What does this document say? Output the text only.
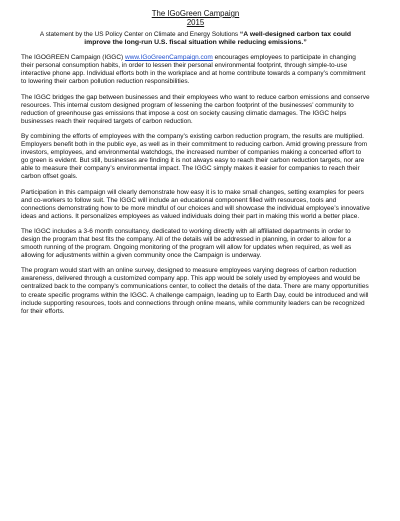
The IGoGreen Campaign
2015
A statement by the US Policy Center on Climate and Energy Solutions “A well-designed carbon tax could improve the long-run U.S. fiscal situation while reducing emissions.”

The IGOGREEN Campaign (IGGC) www.IGoGreenCampaign.com encourages employees to participate in changing their personal consumption habits, in order to lessen their personal environmental footprint, through simple-to-use interactive phone app. Individual efforts both in the workplace and at home contribute towards a company’s commitment to lowering their carbon pollution reduction responsibilities.

The IGGC bridges the gap between businesses and their employees who want to reduce carbon emissions and conserve resources. This internal custom designed program of lessening the carbon footprint of the businesses’ community to reduction of greenhouse gas emissions that impose a cost on society causing climatic damages. The IGGC helps businesses reach their required targets of carbon reduction.

By combining the efforts of employees with the company’s existing carbon reduction program, the results are multiplied. Employers benefit both in the public eye, as well as in their commitment to reducing carbon. Amid growing pressure from investors, employees, and environmental watchdogs, the increased number of companies making a concerted effort to go green is evident. But still, businesses are finding it is not always easy to reach their carbon reduction targets, nor are able to measure their company’s environmental impact. The IGGC simply makes it easier for companies to reach their carbon offset goals.

Participation in this campaign will clearly demonstrate how easy it is to make small changes, setting examples for peers and co-workers to follow suit. The IGGC will include an educational component filled with resources, tools and connections demonstrating how to be more mindful of our choices and will showcase the individual employee’s innovative ideas and actions. It personalizes employees as valued individuals doing their part in making this world a better place.

The IGGC includes a 3-6 month consultancy, dedicated to working directly with all affiliated departments in order to design the program that best fits the company. All of the details will be addressed in planning, in order to allow for a smooth running of the program. Ongoing monitoring of the program will allow for updates when required, as well as allowing for adjustments within a given community once the Campaign is underway.

The program would start with an online survey, designed to measure employees varying degrees of carbon reduction awareness, delivered through a customized company app. This app would be solely used by employees and would be centralized back to the company’s communications center, to collect the details of the data. There are many opportunities to create specific programs within the IGGC. A challenge campaign, leading up to Earth Day, could be introduced and will include supporting resources, tools and connections through online means, while community leaders can be recognized for their efforts.
